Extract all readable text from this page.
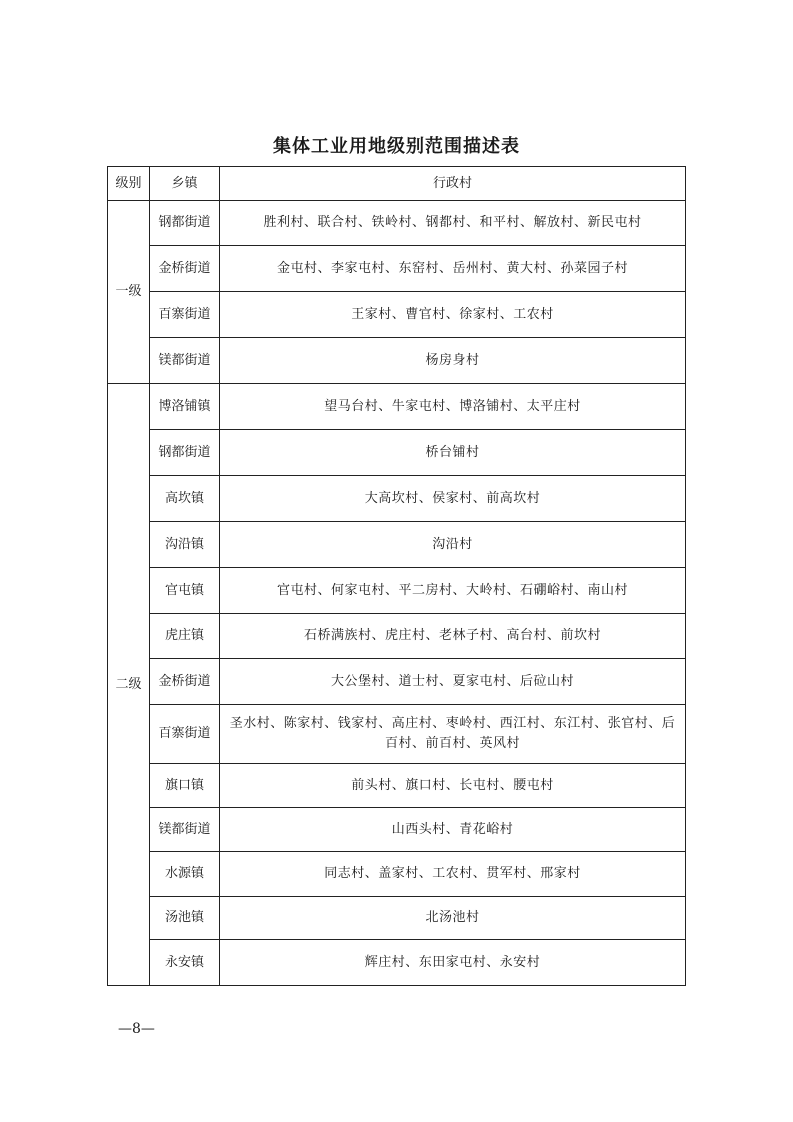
集体工业用地级别范围描述表
级别	乡镇	行政村
一级	钢都街道	胜利村、联合村、铁岭村、钢都村、和平村、解放村、新民屯村
	金桥街道	金屯村、李家屯村、东窑村、岳州村、黄大村、孙菜园子村
	百寨街道	王家村、曹官村、徐家村、工农村
	镁都街道	杨房身村
二级	博洛铺镇	望马台村、牛家屯村、博洛铺村、太平庄村
	钢都街道	桥台铺村
	高坎镇	大高坎村、侯家村、前高坎村
	沟沿镇	沟沿村
	官屯镇	官屯村、何家屯村、平二房村、大岭村、石硼峪村、南山村
	虎庄镇	石桥满族村、虎庄村、老林子村、高台村、前坎村
	金桥街道	大公堡村、道士村、夏家屯村、后砬山村
	百寨街道	圣水村、陈家村、钱家村、高庄村、枣岭村、西江村、东江村、张官村、后百村、前百村、英风村
	旗口镇	前头村、旗口村、长屯村、腰屯村
	镁都街道	山西头村、青花峪村
	水源镇	同志村、盖家村、工农村、贯军村、邢家村
	汤池镇	北汤池村
	永安镇	辉庄村、东田家屯村、永安村
—8—
